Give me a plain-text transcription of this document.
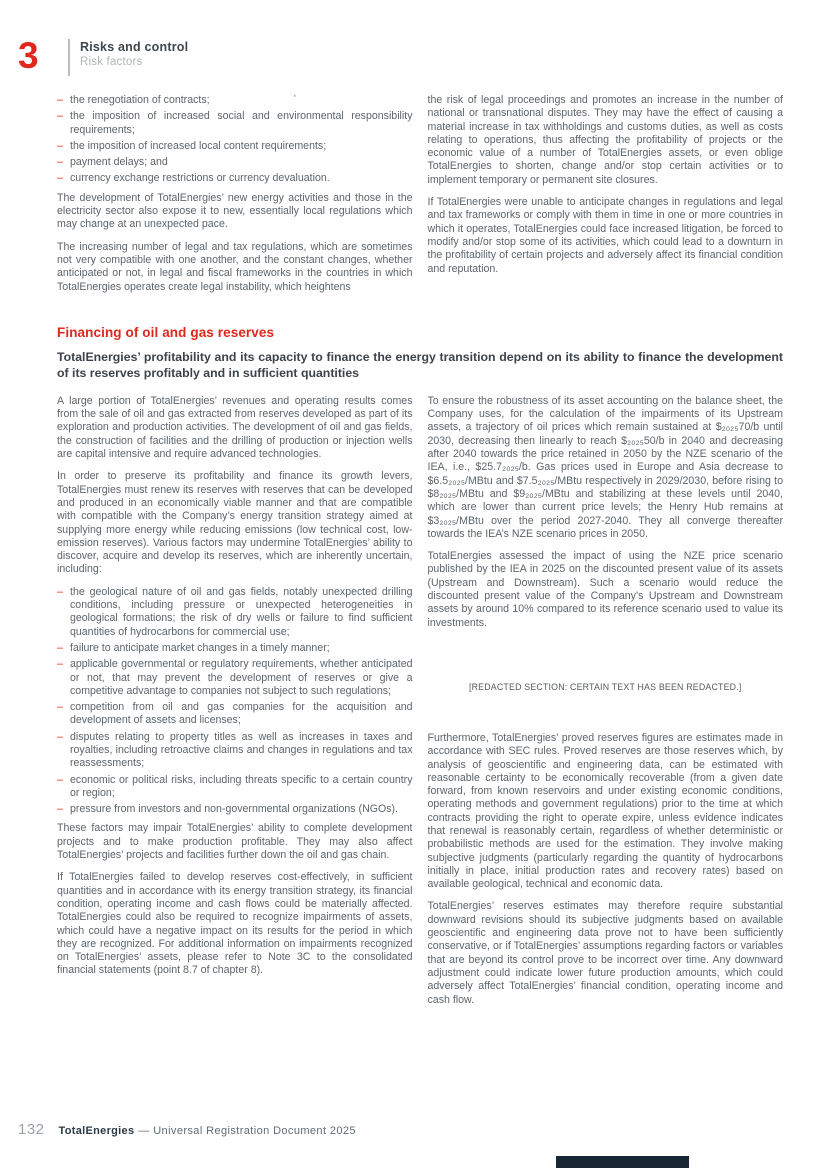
3	Risks and control
Risk factors
·
– the renegotiation of contracts;
– the imposition of increased social and environmental responsibility requirements;
– the imposition of increased local content requirements;
– payment delays; and
– currency exchange restrictions or currency devaluation.

The development of TotalEnergies’ new energy activities and those in the electricity sector also expose it to new, essentially local regulations which may change at an unexpected pace.

The increasing number of legal and tax regulations, which are sometimes not very compatible with one another, and the constant changes, whether anticipated or not, in legal and fiscal frameworks in the countries in which TotalEnergies operates create legal instability, which heightens

the risk of legal proceedings and promotes an increase in the number of national or transnational disputes. They may have the effect of causing a material increase in tax withholdings and customs duties, as well as costs relating to operations, thus affecting the profitability of projects or the economic value of a number of TotalEnergies assets, or even oblige TotalEnergies to shorten, change and/or stop certain activities or to implement temporary or permanent site closures.

If TotalEnergies were unable to anticipate changes in regulations and legal and tax frameworks or comply with them in time in one or more countries in which it operates, TotalEnergies could face increased litigation, be forced to modify and/or stop some of its activities, which could lead to a downturn in the profitability of certain projects and adversely affect its financial condition and reputation.

Financing of oil and gas reserves
TotalEnergies’ profitability and its capacity to finance the energy transition depend on its ability to finance the development of its reserves profitably and in sufficient quantities

A large portion of TotalEnergies’ revenues and operating results comes from the sale of oil and gas extracted from reserves developed as part of its exploration and production activities. The development of oil and gas fields, the construction of facilities and the drilling of production or injection wells are capital intensive and require advanced technologies.

In order to preserve its profitability and finance its growth levers, TotalEnergies must renew its reserves with reserves that can be developed and produced in an economically viable manner and that are compatible with compatible with the Company’s energy transition strategy aimed at supplying more energy while reducing emissions (low technical cost, low-emission reserves). Various factors may undermine TotalEnergies’ ability to discover, acquire and develop its reserves, which are inherently uncertain, including:

– the geological nature of oil and gas fields, notably unexpected drilling conditions, including pressure or unexpected heterogeneities in geological formations; the risk of dry wells or failure to find sufficient quantities of hydrocarbons for commercial use;
– failure to anticipate market changes in a timely manner;
– applicable governmental or regulatory requirements, whether anticipated or not, that may prevent the development of reserves or give a competitive advantage to companies not subject to such regulations;
– competition from oil and gas companies for the acquisition and development of assets and licenses;
– disputes relating to property titles as well as increases in taxes and royalties, including retroactive claims and changes in regulations and tax reassessments;
– economic or political risks, including threats specific to a certain country or region;
– pressure from investors and non-governmental organizations (NGOs).

These factors may impair TotalEnergies’ ability to complete development projects and to make production profitable. They may also affect TotalEnergies’ projects and facilities further down the oil and gas chain.

If TotalEnergies failed to develop reserves cost-effectively, in sufficient quantities and in accordance with its energy transition strategy, its financial condition, operating income and cash flows could be materially affected. TotalEnergies could also be required to recognize impairments of assets, which could have a negative impact on its results for the period in which they are recognized. For additional information on impairments recognized on TotalEnergies’ assets, please refer to Note 3C to the consolidated financial statements (point 8.7 of chapter 8).

To ensure the robustness of its asset accounting on the balance sheet, the Company uses, for the calculation of the impairments of its Upstream assets, a trajectory of oil prices which remain sustained at $₂₀₂₅70/b until 2030, decreasing then linearly to reach $₂₀₂₅50/b in 2040 and decreasing after 2040 towards the price retained in 2050 by the NZE scenario of the IEA, i.e., $25.7₂₀₂₅/b. Gas prices used in Europe and Asia decrease to $6.5₂₀₂₅/MBtu and $7.5₂₀₂₅/MBtu respectively in 2029/2030, before rising to $8₂₀₂₅/MBtu and $9₂₀₂₅/MBtu and stabilizing at these levels until 2040, which are lower than current price levels; the Henry Hub remains at $3₂₀₂₅/MBtu over the period 2027-2040. They all converge thereafter towards the IEA’s NZE scenario prices in 2050.

TotalEnergies assessed the impact of using the NZE price scenario published by the IEA in 2025 on the discounted present value of its assets (Upstream and Downstream). Such a scenario would reduce the discounted present value of the Company’s Upstream and Downstream assets by around 10% compared to its reference scenario used to value its investments.

[REDACTED SECTION: CERTAIN TEXT HAS BEEN REDACTED.]

Furthermore, TotalEnergies’ proved reserves figures are estimates made in accordance with SEC rules. Proved reserves are those reserves which, by analysis of geoscientific and engineering data, can be estimated with reasonable certainty to be economically recoverable (from a given date forward, from known reservoirs and under existing economic conditions, operating methods and government regulations) prior to the time at which contracts providing the right to operate expire, unless evidence indicates that renewal is reasonably certain, regardless of whether deterministic or probabilistic methods are used for the estimation. They involve making subjective judgments (particularly regarding the quantity of hydrocarbons initially in place, initial production rates and recovery rates) based on available geological, technical and economic data.

TotalEnergies’ reserves estimates may therefore require substantial downward revisions should its subjective judgments based on available geoscientific and engineering data prove not to have been sufficiently conservative, or if TotalEnergies’ assumptions regarding factors or variables that are beyond its control prove to be incorrect over time. Any downward adjustment could indicate lower future production amounts, which could adversely affect TotalEnergies’ financial condition, operating income and cash flow.

132 TotalEnergies — Universal Registration Document 2025
